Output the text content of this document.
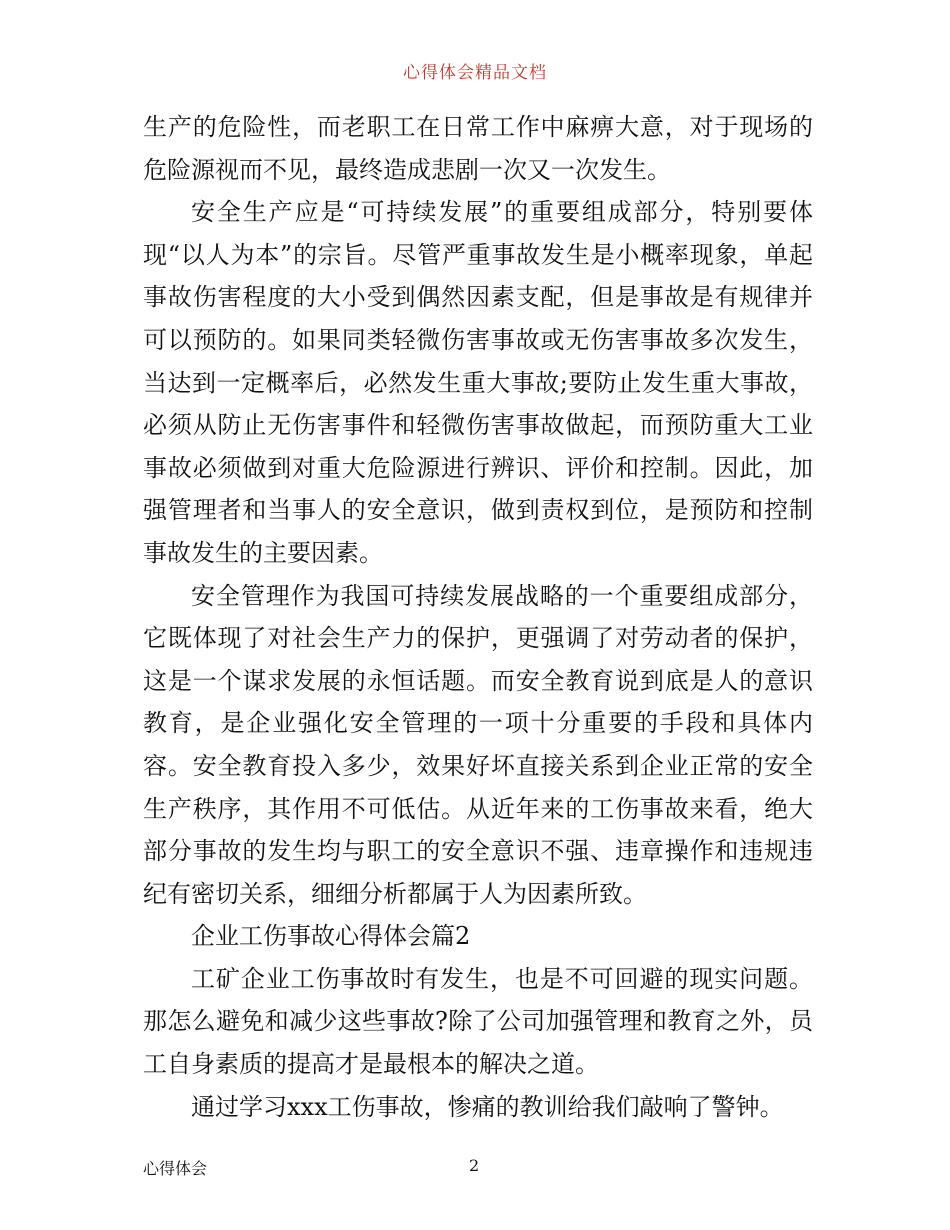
心得体会精品文档

生产的危险性，而老职工在日常工作中麻痹大意，对于现场的危险源视而不见，最终造成悲剧一次又一次发生。

安全生产应是“可持续发展”的重要组成部分，特别要体现“以人为本”的宗旨。尽管严重事故发生是小概率现象，单起事故伤害程度的大小受到偶然因素支配，但是事故是有规律并可以预防的。如果同类轻微伤害事故或无伤害事故多次发生，当达到一定概率后，必然发生重大事故;要防止发生重大事故，必须从防止无伤害事件和轻微伤害事故做起，而预防重大工业事故必须做到对重大危险源进行辨识、评价和控制。因此，加强管理者和当事人的安全意识，做到责权到位，是预防和控制事故发生的主要因素。

安全管理作为我国可持续发展战略的一个重要组成部分，它既体现了对社会生产力的保护，更强调了对劳动者的保护，这是一个谋求发展的永恒话题。而安全教育说到底是人的意识教育，是企业强化安全管理的一项十分重要的手段和具体内容。安全教育投入多少，效果好坏直接关系到企业正常的安全生产秩序，其作用不可低估。从近年来的工伤事故来看，绝大部分事故的发生均与职工的安全意识不强、违章操作和违规违纪有密切关系，细细分析都属于人为因素所致。

企业工伤事故心得体会篇2

工矿企业工伤事故时有发生，也是不可回避的现实问题。那怎么避免和减少这些事故?除了公司加强管理和教育之外，员工自身素质的提高才是最根本的解决之道。

通过学习xxx工伤事故，惨痛的教训给我们敲响了警钟。

心得体会	2
